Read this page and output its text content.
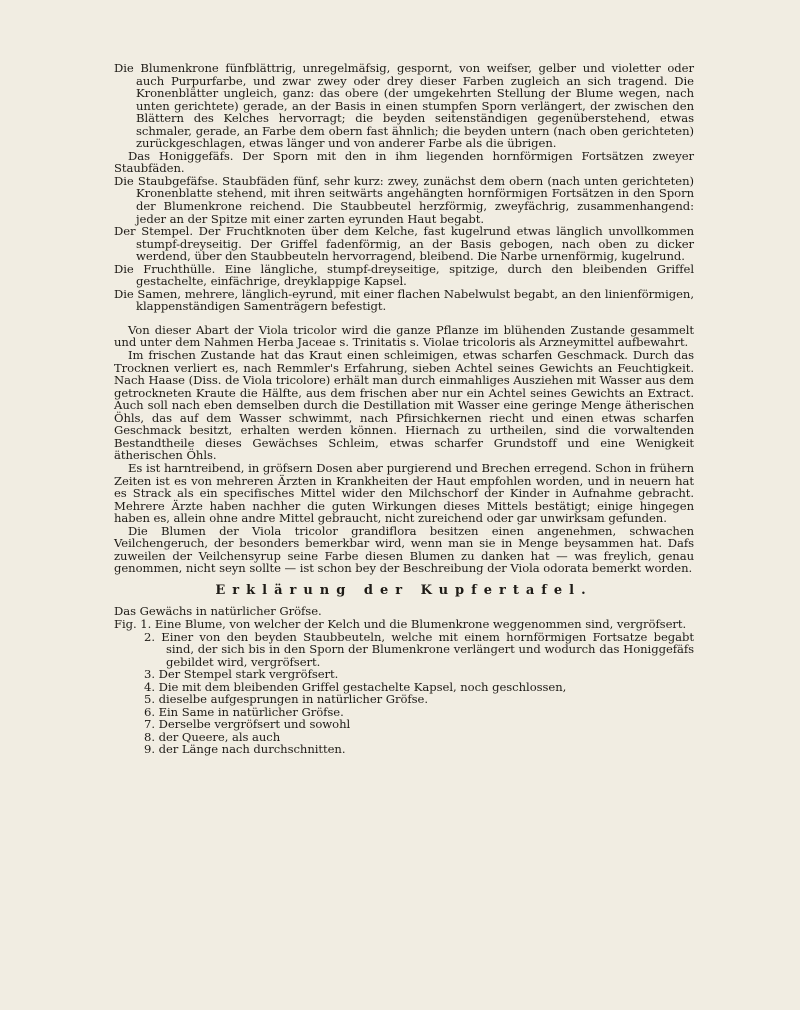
Die Blumenkrone fünfblättrig, unregelmäfsig, gespornt, von weifser, gelber und violetter oder auch Purpurfarbe, und zwar zwey oder drey dieser Farben zugleich an sich tragend. Die Kronenblätter ungleich, ganz: das obere (der umgekehrten Stellung der Blume wegen, nach unten gerichtete) gerade, an der Basis in einen stumpfen Sporn verlängert, der zwischen den Blättern des Kelches hervorragt; die beyden seitenständigen gegenüberstehend, etwas schmaler, gerade, an Farbe dem obern fast ähnlich; die beyden untern (nach oben gerichteten) zurückgeschlagen, etwas länger und von anderer Farbe als die übrigen.

Das Honiggefäfs. Der Sporn mit den in ihm liegenden hornförmigen Fortsätzen zweyer Staubfäden.

Die Staubgefäfse. Staubfäden fünf, sehr kurz: zwey, zunächst dem obern (nach unten gerichteten) Kronenblatte stehend, mit ihren seitwärts angehängten hornförmigen Fortsätzen in den Sporn der Blumenkrone reichend. Die Staubbeutel herzförmig, zweyfächrig, zusammenhangend: jeder an der Spitze mit einer zarten eyrunden Haut begabt.

Der Stempel. Der Fruchtknoten über dem Kelche, fast kugelrund etwas länglich unvollkommen stumpf-dreyseitig. Der Griffel fadenförmig, an der Basis gebogen, nach oben zu dicker werdend, über den Staubbeuteln hervorragend, bleibend. Die Narbe urnenförmig, kugelrund.

Die Fruchthülle. Eine längliche, stumpf-dreyseitige, spitzige, durch den bleibenden Griffel gestachelte, einfächrige, dreyklappige Kapsel.

Die Samen, mehrere, länglich-eyrund, mit einer flachen Nabelwulst begabt, an den linienförmigen, klappenständigen Samenträgern befestigt.

Von dieser Abart der Viola tricolor wird die ganze Pflanze im blühenden Zustande gesammelt und unter dem Nahmen Herba Jaceae s. Trinitatis s. Violae tricoloris als Arzneymittel aufbewahrt.

Im frischen Zustande hat das Kraut einen schleimigen, etwas scharfen Geschmack. Durch das Trocknen verliert es, nach Remmler's Erfahrung, sieben Achtel seines Gewichts an Feuchtigkeit. Nach Haase (Diss. de Viola tricolore) erhält man durch einmahliges Ausziehen mit Wasser aus dem getrockneten Kraute die Hälfte, aus dem frischen aber nur ein Achtel seines Gewichts an Extract. Auch soll nach eben demselben durch die Destillation mit Wasser eine geringe Menge ätherischen Öhls, das auf dem Wasser schwimmt, nach Pfirsichkernen riecht und einen etwas scharfen Geschmack besitzt, erhalten werden können. Hiernach zu urtheilen, sind die vorwaltenden Bestandtheile dieses Gewächses Schleim, etwas scharfer Grundstoff und eine Wenigkeit ätherischen Öhls.

Es ist harntreibend, in gröfsern Dosen aber purgierend und Brechen erregend. Schon in frühern Zeiten ist es von mehreren Ärzten in Krankheiten der Haut empfohlen worden, und in neuern hat es Strack als ein specifisches Mittel wider den Milchschorf der Kinder in Aufnahme gebracht. Mehrere Ärzte haben nachher die guten Wirkungen dieses Mittels bestätigt; einige hingegen haben es, allein ohne andre Mittel gebraucht, nicht zureichend oder gar unwirksam gefunden.

Die Blumen der Viola tricolor grandiflora besitzen einen angenehmen, schwachen Veilchengeruch, der besonders bemerkbar wird, wenn man sie in Menge beysammen hat. Dafs zuweilen der Veilchensyrup seine Farbe diesen Blumen zu danken hat — was freylich, genau genommen, nicht seyn sollte — ist schon bey der Beschreibung der Viola odorata bemerkt worden.

Erklärung der Kupfertafel.

Das Gewächs in natürlicher Gröfse.

Fig. 1. Eine Blume, von welcher der Kelch und die Blumenkrone weggenommen sind, vergröfsert.
2. Einer von den beyden Staubbeuteln, welche mit einem hornförmigen Fortsatze begabt sind, der sich bis in den Sporn der Blumenkrone verlängert und wodurch das Honiggefäfs gebildet wird, vergröfsert.
3. Der Stempel stark vergröfsert.
4. Die mit dem bleibenden Griffel gestachelte Kapsel, noch geschlossen,
5. dieselbe aufgesprungen in natürlicher Gröfse.
6. Ein Same in natürlicher Gröfse.
7. Derselbe vergröfsert und sowohl
8. der Queere, als auch
9. der Länge nach durchschnitten.
